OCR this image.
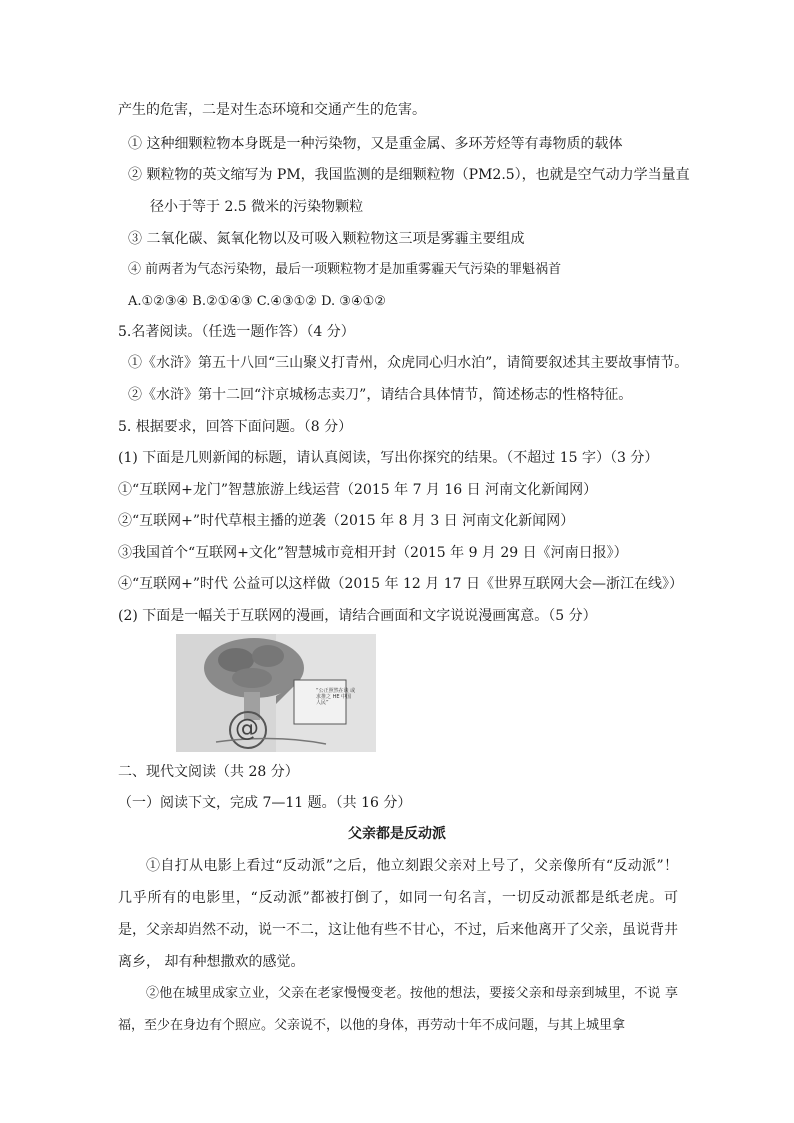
产生的危害，二是对生态环境和交通产生的危害。
① 这种细颗粒物本身既是一种污染物，又是重金属、多环芳烃等有毒物质的载体
② 颗粒物的英文缩写为 PM，我国监测的是细颗粒物（PM2.5），也就是空气动力学当量直
径小于等于 2.5 微米的污染物颗粒
③ 二氧化碳、氮氧化物以及可吸入颗粒物这三项是雾霾主要组成
④ 前两者为气态污染物，最后一项颗粒物才是加重雾霾天气污染的罪魁祸首
A.①②③④ B.②①④③ C.④③①② D. ③④①②
5.名著阅读。（任选一题作答）（4 分）
①《水浒》第五十八回“三山聚义打青州，众虎同心归水泊”，请简要叙述其主要故事情节。
②《水浒》第十二回“汴京城杨志卖刀”，请结合具体情节，简述杨志的性格特征。
5. 根据要求，回答下面问题。（8 分）
(1) 下面是几则新闻的标题，请认真阅读，写出你探究的结果。（不超过 15 字）（3 分）
①“互联网+龙门”智慧旅游上线运营（2015 年 7 月 16 日 河南文化新闻网）
②“互联网+”时代草根主播的逆袭（2015 年 8 月 3 日 河南文化新闻网）
③我国首个“互联网+文化”智慧城市竞相开封（2015 年 9 月 29 日《河南日报》）
④“互联网+”时代 公益可以这样做（2015 年 12 月 17 日《世界互联网大会—浙江在线》）
(2) 下面是一幅关于互联网的漫画，请结合画面和文字说说漫画寓意。（5 分）
“公正照然在谈 或求推之 HE 中国人民”
@
二、现代文阅读（共 28 分）
（一）阅读下文，完成 7—11 题。（共 16 分）
父亲都是反动派
①自打从电影上看过“反动派”之后，他立刻跟父亲对上号了，父亲像所有“反动派”！几乎所有的电影里，“反动派”都被打倒了，如同一句名言，一切反动派都是纸老虎。可是，父亲却岿然不动，说一不二，这让他有些不甘心，不过，后来他离开了父亲，虽说背井离乡， 却有种想撒欢的感觉。
②他在城里成家立业，父亲在老家慢慢变老。按他的想法，要接父亲和母亲到城里，不说 享福，至少在身边有个照应。父亲说不，以他的身体，再劳动十年不成问题，与其上城里拿
